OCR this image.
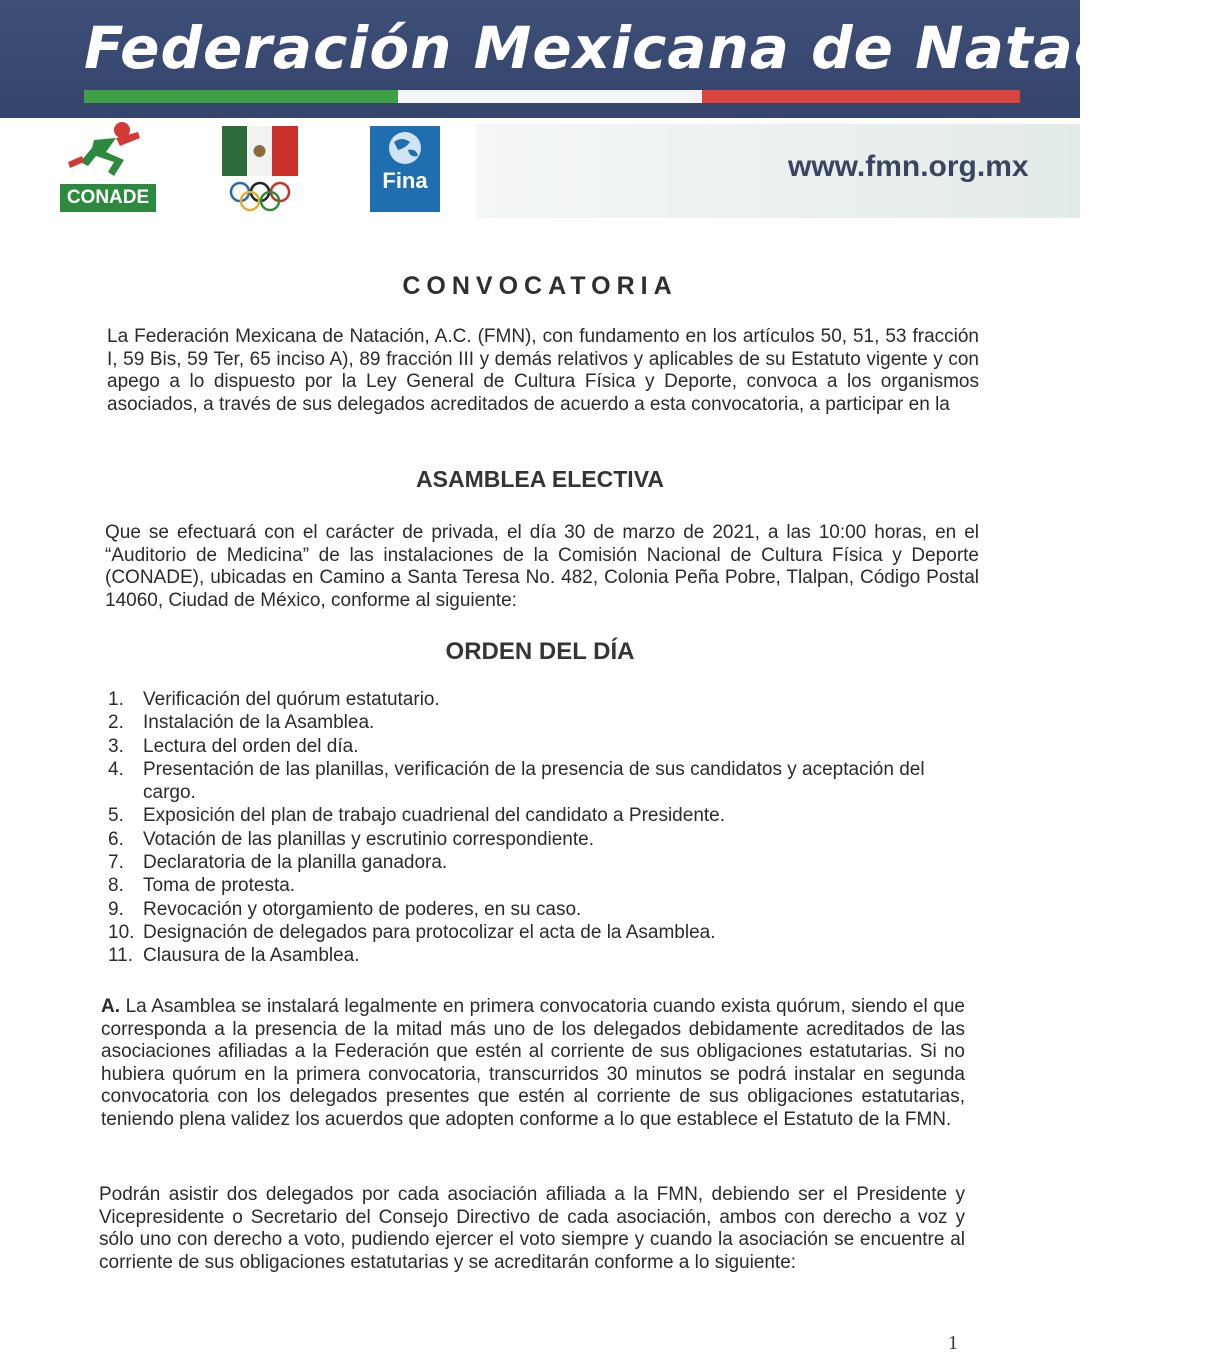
Federación Mexicana de Natación
www.fmn.org.mx
CONADE
Fina
CONVOCATORIA
La Federación Mexicana de Natación, A.C. (FMN), con fundamento en los artículos 50, 51, 53 fracción I, 59 Bis, 59 Ter, 65 inciso A), 89 fracción III y demás relativos y aplicables de su Estatuto vigente y con apego a lo dispuesto por la Ley General de Cultura Física y Deporte, convoca a los organismos asociados, a través de sus delegados acreditados de acuerdo a esta convocatoria, a participar en la
ASAMBLEA ELECTIVA
Que se efectuará con el carácter de privada, el día 30 de marzo de 2021, a las 10:00 horas, en el “Auditorio de Medicina” de las instalaciones de la Comisión Nacional de Cultura Física y Deporte (CONADE), ubicadas en Camino a Santa Teresa No. 482, Colonia Peña Pobre, Tlalpan, Código Postal 14060, Ciudad de México, conforme al siguiente:
ORDEN DEL DÍA
1. Verificación del quórum estatutario.
2. Instalación de la Asamblea.
3. Lectura del orden del día.
4. Presentación de las planillas, verificación de la presencia de sus candidatos y aceptación del cargo.
5. Exposición del plan de trabajo cuadrienal del candidato a Presidente.
6. Votación de las planillas y escrutinio correspondiente.
7. Declaratoria de la planilla ganadora.
8. Toma de protesta.
9. Revocación y otorgamiento de poderes, en su caso.
10. Designación de delegados para protocolizar el acta de la Asamblea.
11. Clausura de la Asamblea.
A. La Asamblea se instalará legalmente en primera convocatoria cuando exista quórum, siendo el que corresponda a la presencia de la mitad más uno de los delegados debidamente acreditados de las asociaciones afiliadas a la Federación que estén al corriente de sus obligaciones estatutarias. Si no hubiera quórum en la primera convocatoria, transcurridos 30 minutos se podrá instalar en segunda convocatoria con los delegados presentes que estén al corriente de sus obligaciones estatutarias, teniendo plena validez los acuerdos que adopten conforme a lo que establece el Estatuto de la FMN.
Podrán asistir dos delegados por cada asociación afiliada a la FMN, debiendo ser el Presidente y Vicepresidente o Secretario del Consejo Directivo de cada asociación, ambos con derecho a voz y sólo uno con derecho a voto, pudiendo ejercer el voto siempre y cuando la asociación se encuentre al corriente de sus obligaciones estatutarias y se acreditarán conforme a lo siguiente:
1
